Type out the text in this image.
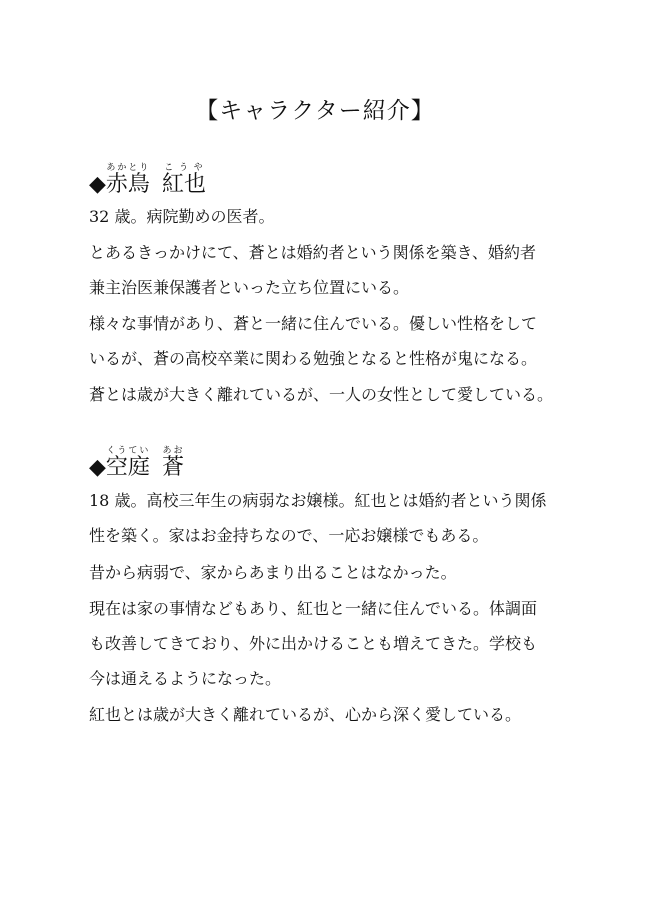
【キャラクター紹介】
◆赤鳥あかとり紅也こうや
32 歳。病院勤めの医者。
とあるきっかけにて、蒼とは婚約者という関係を築き、婚約者
兼主治医兼保護者といった立ち位置にいる。
様々な事情があり、蒼と一緒に住んでいる。優しい性格をして
いるが、蒼の高校卒業に関わる勉強となると性格が鬼になる。
蒼とは歳が大きく離れているが、一人の女性として愛している。
◆空庭くうてい蒼あお
18 歳。高校三年生の病弱なお嬢様。紅也とは婚約者という関係
性を築く。家はお金持ちなので、一応お嬢様でもある。
昔から病弱で、家からあまり出ることはなかった。
現在は家の事情などもあり、紅也と一緒に住んでいる。体調面
も改善してきており、外に出かけることも増えてきた。学校も
今は通えるようになった。
紅也とは歳が大きく離れているが、心から深く愛している。
